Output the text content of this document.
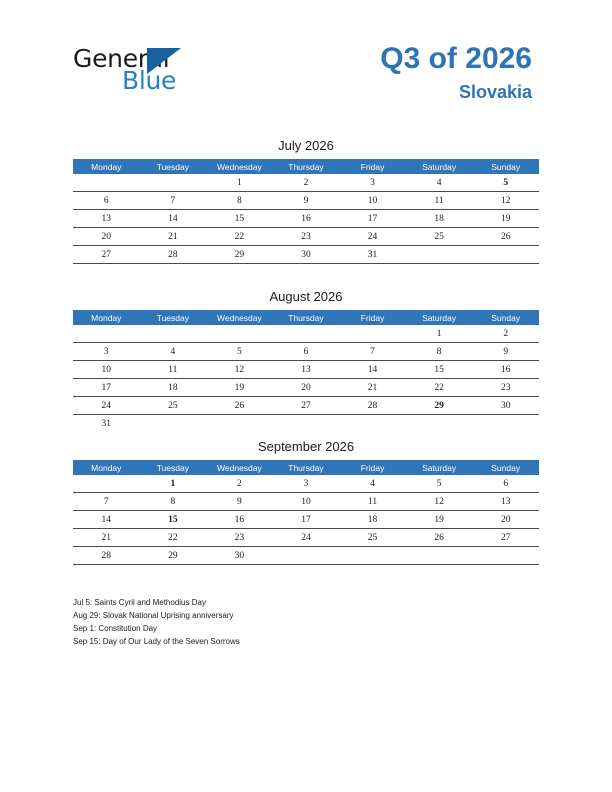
General
Blue
Q3 of 2026
Slovakia
July 2026
Monday	Tuesday	Wednesday	Thursday	Friday	Saturday	Sunday
		1	2	3	4	5
6	7	8	9	10	11	12
13	14	15	16	17	18	19
20	21	22	23	24	25	26
27	28	29	30	31		
August 2026
Monday	Tuesday	Wednesday	Thursday	Friday	Saturday	Sunday
					1	2
3	4	5	6	7	8	9
10	11	12	13	14	15	16
17	18	19	20	21	22	23
24	25	26	27	28	29	30
31						
September 2026
Monday	Tuesday	Wednesday	Thursday	Friday	Saturday	Sunday
	1	2	3	4	5	6
7	8	9	10	11	12	13
14	15	16	17	18	19	20
21	22	23	24	25	26	27
28	29	30				
Jul 5: Saints Cyril and Methodius Day
Aug 29: Slovak National Uprising anniversary
Sep 1: Constitution Day
Sep 15: Day of Our Lady of the Seven Sorrows
